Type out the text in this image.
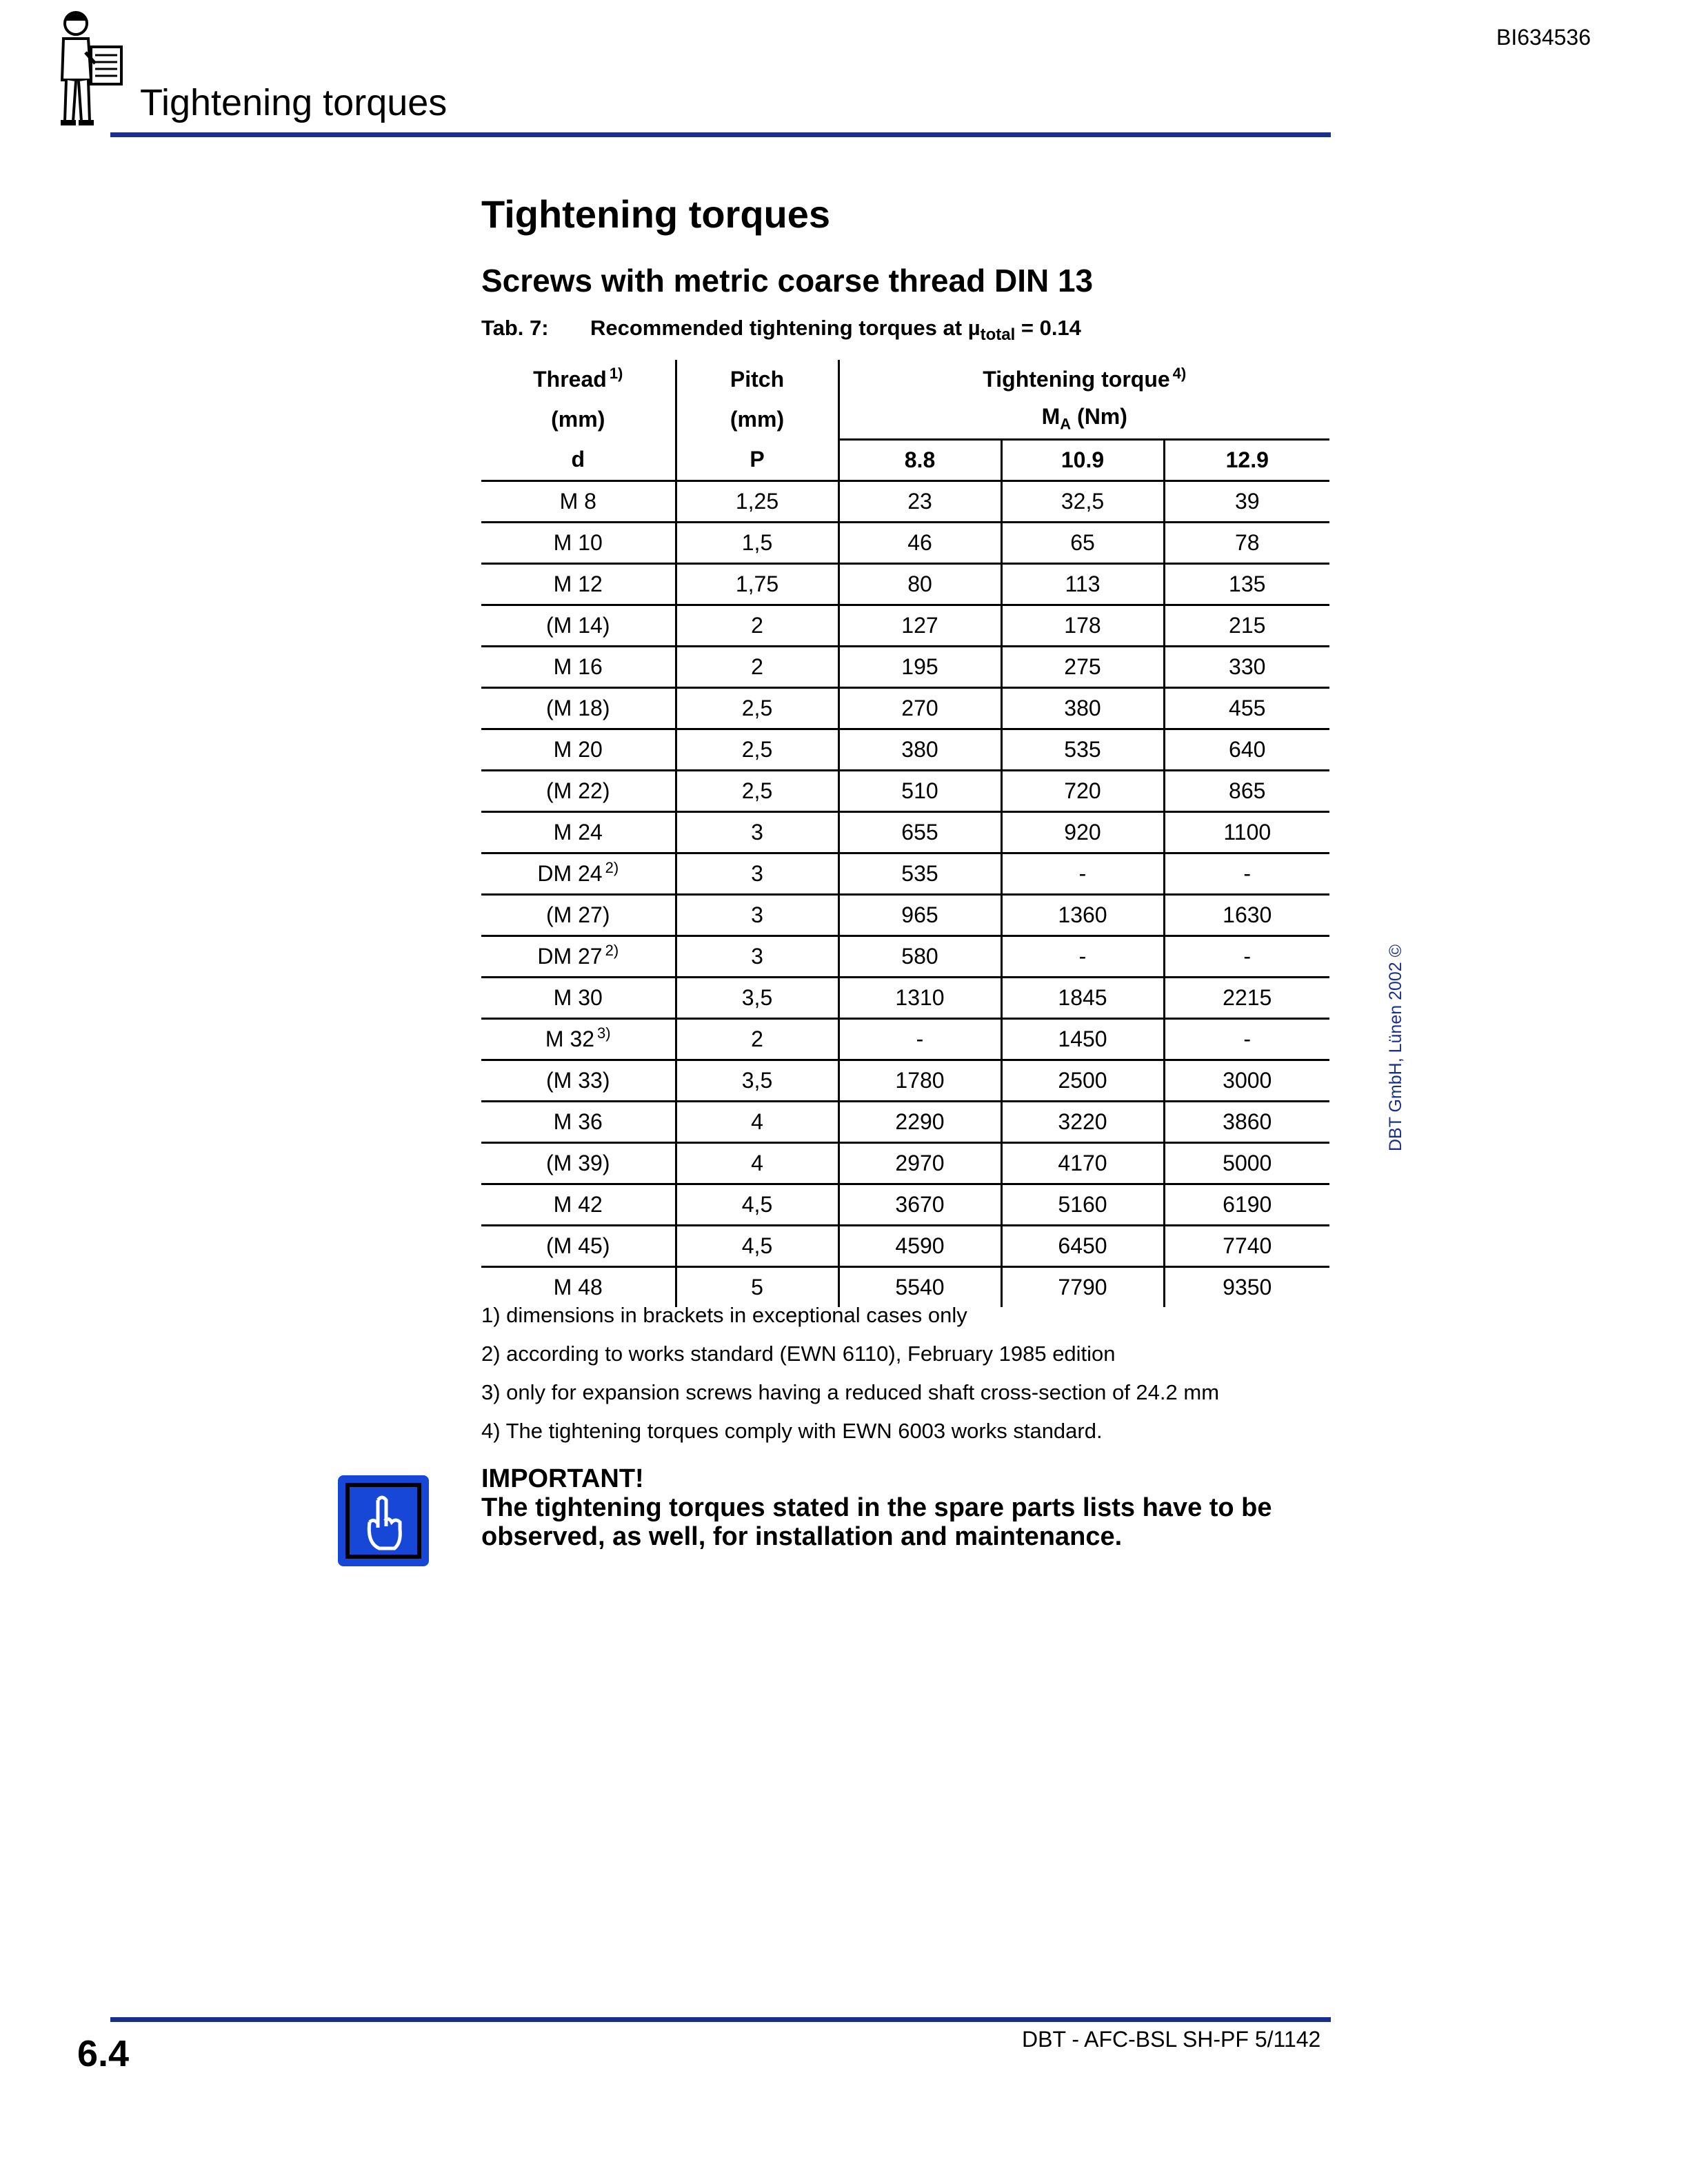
BI634536
Tightening torques
Tightening torques
Screws with metric coarse thread DIN 13
Tab. 7:	Recommended tightening torques at µ$_{total}$ = 0.14
Thread $^{1)}$	Pitch	Tightening torque $^{4)}$
(mm)	(mm)	$M_A$ (Nm)		
d	P	8.8	10.9	12.9
M 8	1,25	23	32,5	39
M 10	1,5	46	65	78
M 12	1,75	80	113	135
(M 14)	2	127	178	215
M 16	2	195	275	330
(M 18)	2,5	270	380	455
M 20	2,5	380	535	640
(M 22)	2,5	510	720	865
M 24	3	655	920	1100
DM 24 $^{2)}$	3	535	-	-
(M 27)	3	965	1360	1630
DM 27 $^{2)}$	3	580	-	-
M 30	3,5	1310	1845	2215
M 32 $^{3)}$	2	-	1450	-
(M 33)	3,5	1780	2500	3000
M 36	4	2290	3220	3860
(M 39)	4	2970	4170	5000
M 42	4,5	3670	5160	6190
(M 45)	4,5	4590	6450	7740
M 48	5	5540	7790	9350
1) dimensions in brackets in exceptional cases only
2) according to works standard (EWN 6110), February 1985 edition
3) only for expansion screws having a reduced shaft cross-section of 24.2 mm
4) The tightening torques comply with EWN 6003 works standard.
IMPORTANT!
The tightening torques stated in the spare parts lists have to be observed, as well, for installation and maintenance.
DBT GmbH, Lünen 2002 ©
6.4	DBT - AFC-BSL SH-PF 5/1142
